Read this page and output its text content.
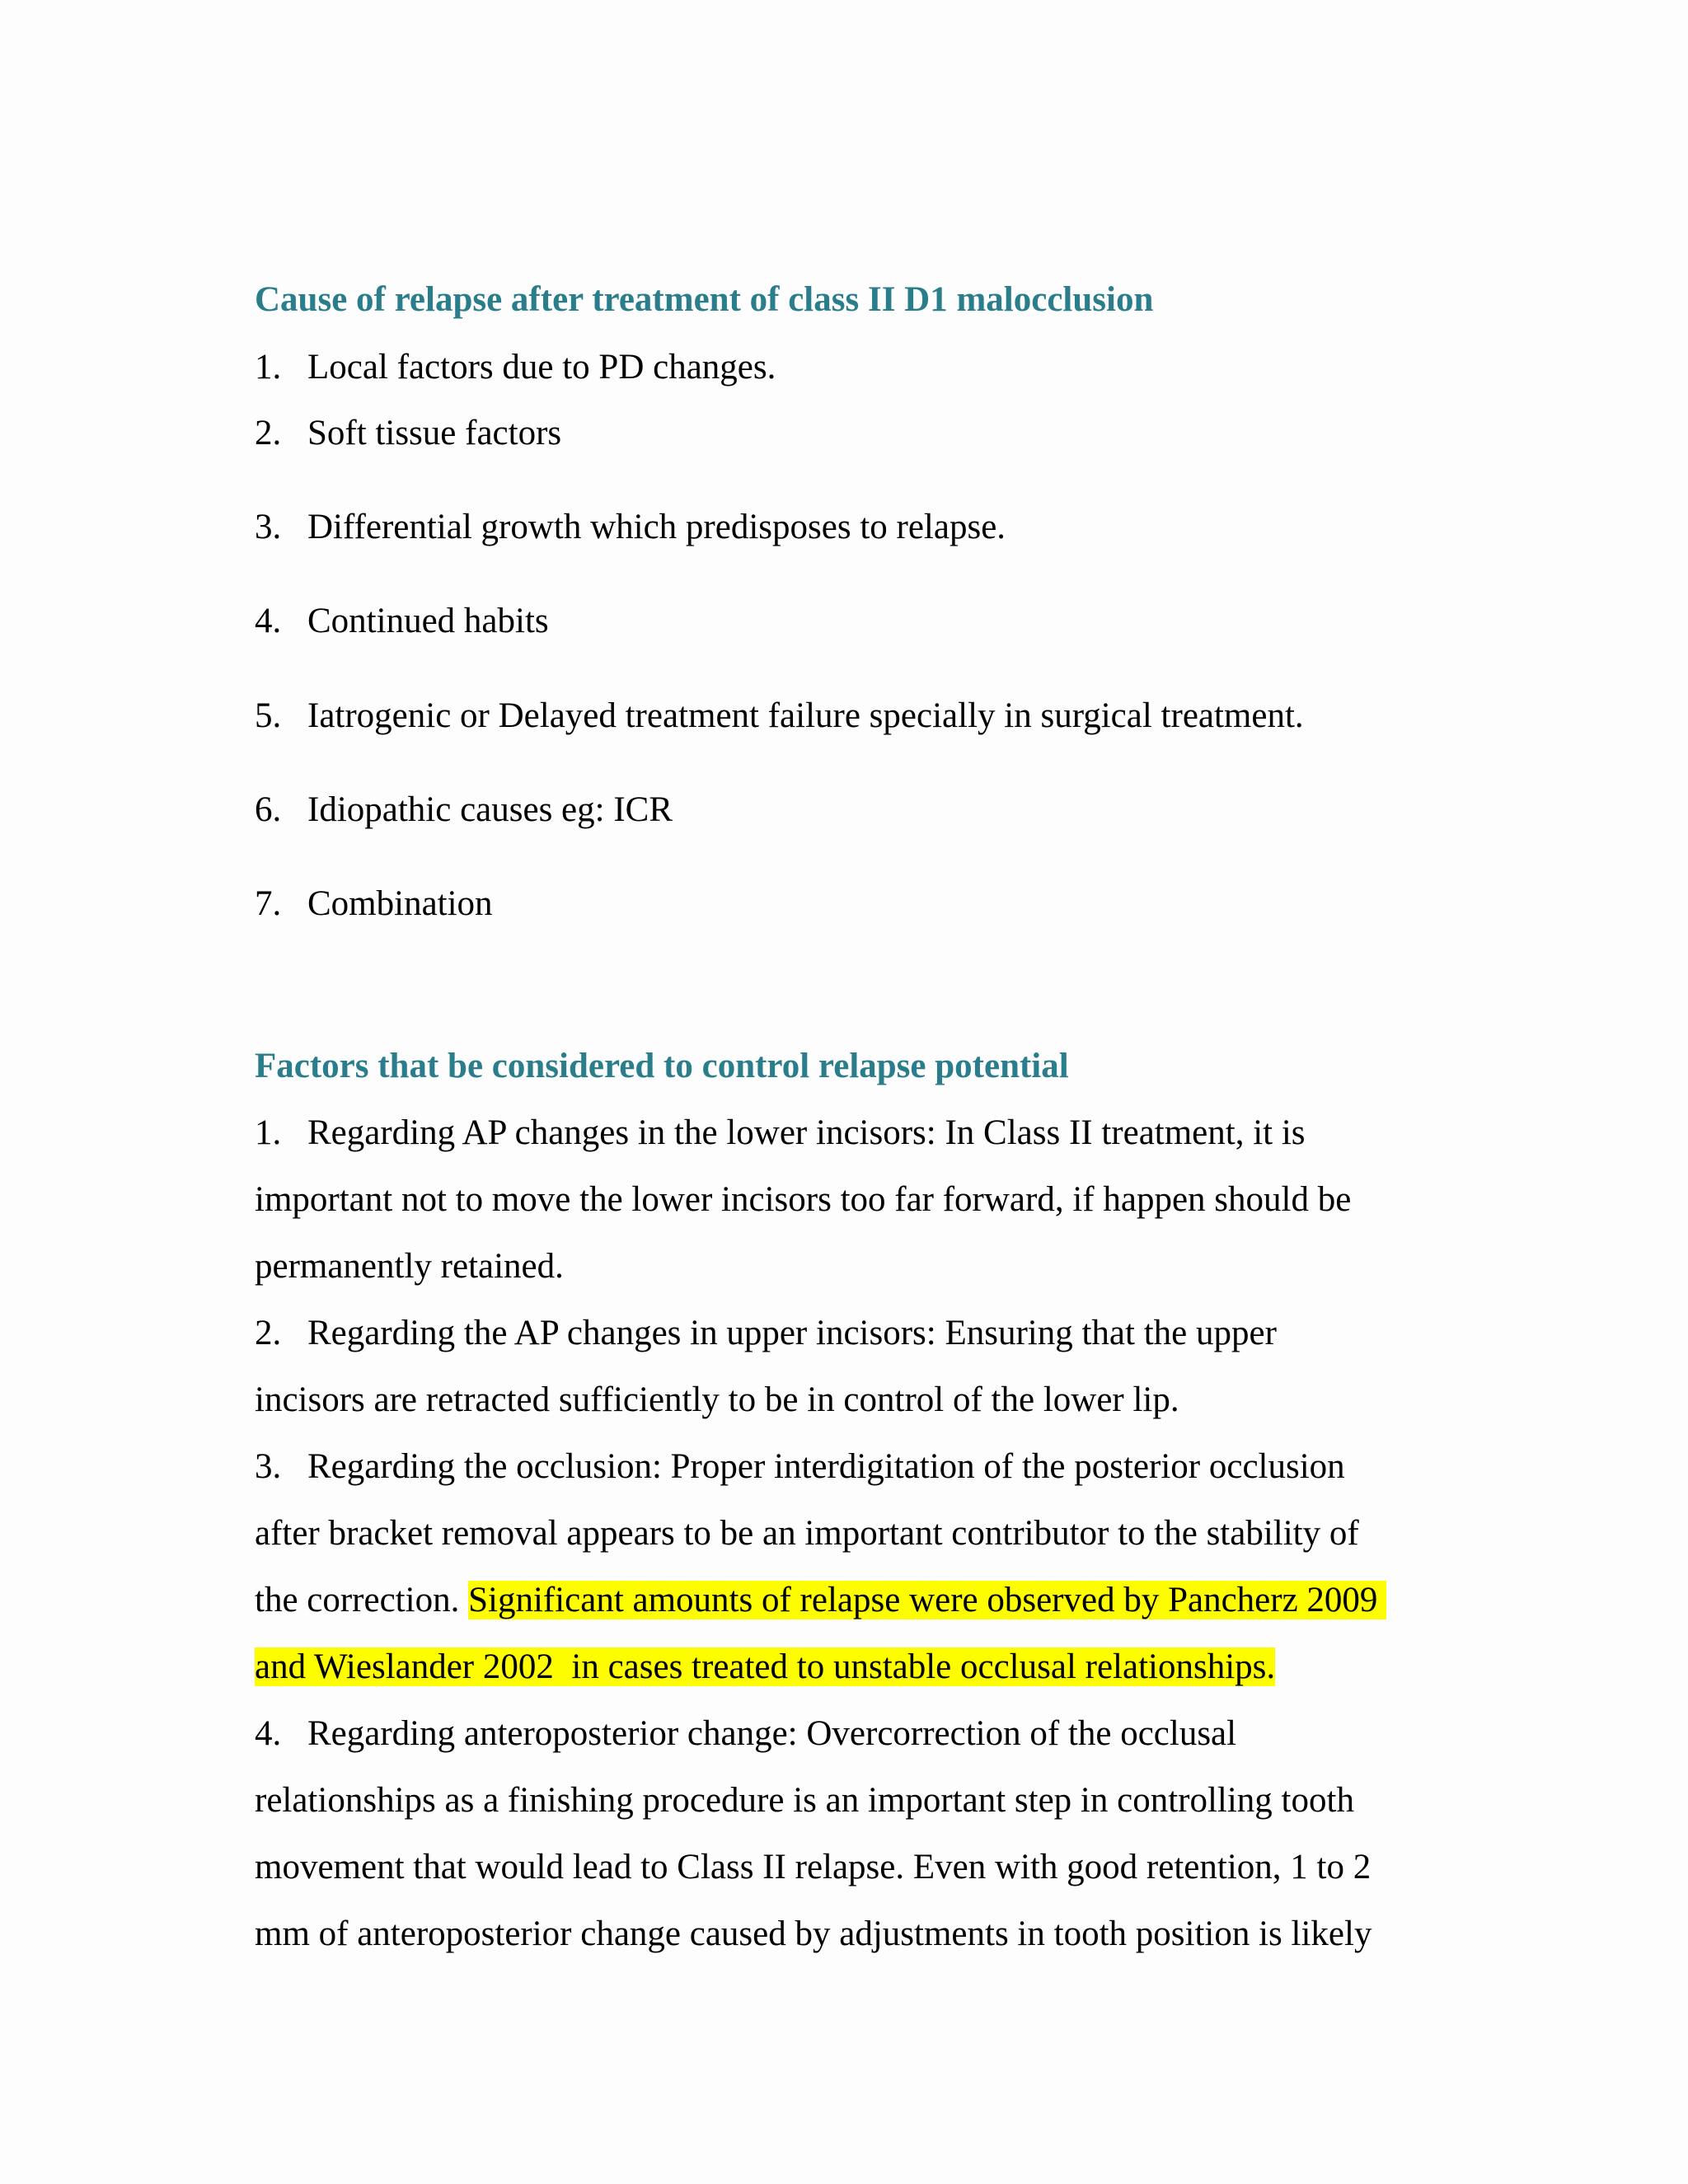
Cause of relapse after treatment of class II D1 malocclusion
1. Local factors due to PD changes.
2. Soft tissue factors
3. Differential growth which predisposes to relapse.
4. Continued habits
5. Iatrogenic or Delayed treatment failure specially in surgical treatment.
6. Idiopathic causes eg: ICR
7. Combination
Factors that be considered to control relapse potential
1. Regarding AP changes in the lower incisors: In Class II treatment, it is
important not to move the lower incisors too far forward, if happen should be
permanently retained.
2. Regarding the AP changes in upper incisors: Ensuring that the upper
incisors are retracted sufficiently to be in control of the lower lip.
3. Regarding the occlusion: Proper interdigitation of the posterior occlusion
after bracket removal appears to be an important contributor to the stability of
the correction. Significant amounts of relapse were observed by Pancherz 2009
and Wieslander 2002  in cases treated to unstable occlusal relationships.
4. Regarding anteroposterior change: Overcorrection of the occlusal
relationships as a finishing procedure is an important step in controlling tooth
movement that would lead to Class II relapse. Even with good retention, 1 to 2
mm of anteroposterior change caused by adjustments in tooth position is likely
